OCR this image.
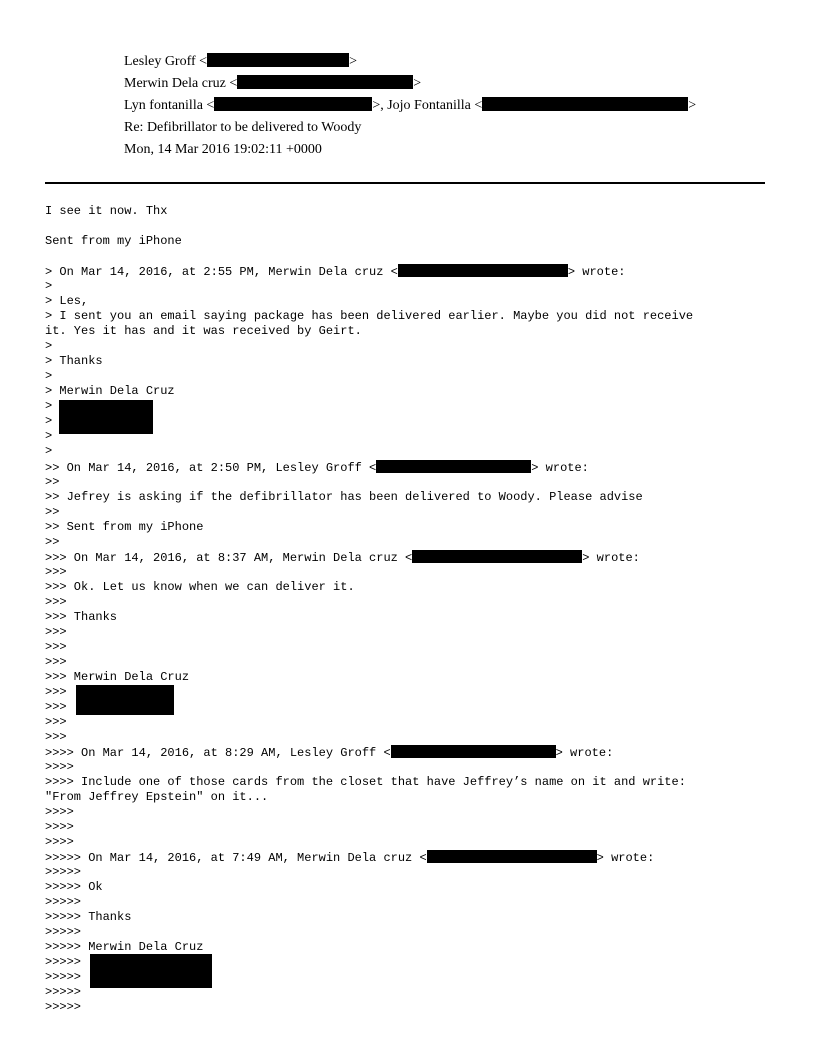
Lesley Groff <	>
Merwin Dela cruz <	>
Lyn fontanilla <	>, Jojo Fontanilla <	>
Re: Defibrillator to be delivered to Woody
Mon, 14 Mar 2016 19:02:11 +0000
I see it now. Thx
Sent from my iPhone
> On Mar 14, 2016, at 2:55 PM, Merwin Dela cruz <	> wrote:
>
> Les,
> I sent you an email saying package has been delivered earlier. Maybe you did not receive
it. Yes it has and it was received by Geirt.
>
> Thanks
>
> Merwin Dela Cruz
>
>
>
>
>> On Mar 14, 2016, at 2:50 PM, Lesley Groff <	> wrote:
>>
>> Jefrey is asking if the defibrillator has been delivered to Woody. Please advise
>>
>> Sent from my iPhone
>>
>>> On Mar 14, 2016, at 8:37 AM, Merwin Dela cruz <	> wrote:
>>>
>>> Ok. Let us know when we can deliver it.
>>>
>>> Thanks
>>>
>>>
>>>
>>> Merwin Dela Cruz
>>>
>>>
>>>
>>>
>>>> On Mar 14, 2016, at 8:29 AM, Lesley Groff <	> wrote:
>>>>
>>>> Include one of those cards from the closet that have Jeffrey’s name on it and write:
"From Jeffrey Epstein" on it...
>>>>
>>>>
>>>>
>>>>> On Mar 14, 2016, at 7:49 AM, Merwin Dela cruz <	> wrote:
>>>>>
>>>>> Ok
>>>>>
>>>>> Thanks
>>>>>
>>>>> Merwin Dela Cruz
>>>>>
>>>>>
>>>>>
>>>>>
